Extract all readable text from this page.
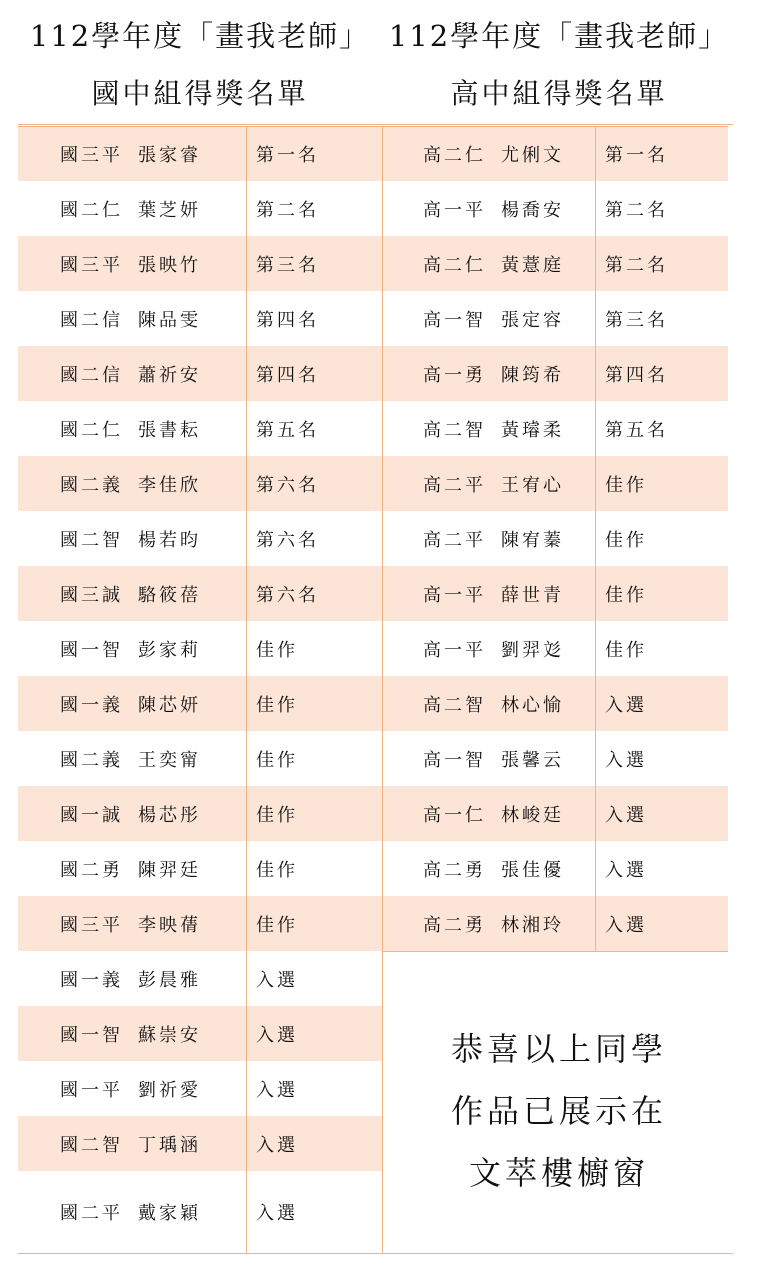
112學年度「畫我老師」
國中組得獎名單
112學年度「畫我老師」
高中組得獎名單
國三平 張家睿	第一名
國二仁 葉芝妍	第二名
國三平 張映竹	第三名
國二信 陳品雯	第四名
國二信 蕭祈安	第四名
國二仁 張書耘	第五名
國二義 李佳欣	第六名
國二智 楊若昀	第六名
國三誠 駱筱蓓	第六名
國一智 彭家莉	佳作
國一義 陳芯妍	佳作
國二義 王奕甯	佳作
國一誠 楊芯彤	佳作
國二勇 陳羿廷	佳作
國三平 李映蒨	佳作
國一義 彭晨雅	入選
國一智 蘇崇安	入選
國一平 劉祈愛	入選
國二智 丁瑀涵	入選
國二平 戴家穎	入選
高二仁 尤俐文 第一名
高一平 楊喬安 第二名
高二仁 黃薏庭 第二名
高一智 張定容 第三名
高一勇 陳筠希 第四名
高二智 黃璿柔 第五名
高二平 王宥心 佳作
高二平 陳宥蓁 佳作
高一平 薛世青 佳作
高一平 劉羿彣 佳作
高二智 林心愉 入選
高一智 張馨云 入選
高一仁 林峻廷 入選
高二勇 張佳優 入選
高二勇 林湘玲 入選
恭喜以上同學
作品已展示在
文萃樓櫥窗
